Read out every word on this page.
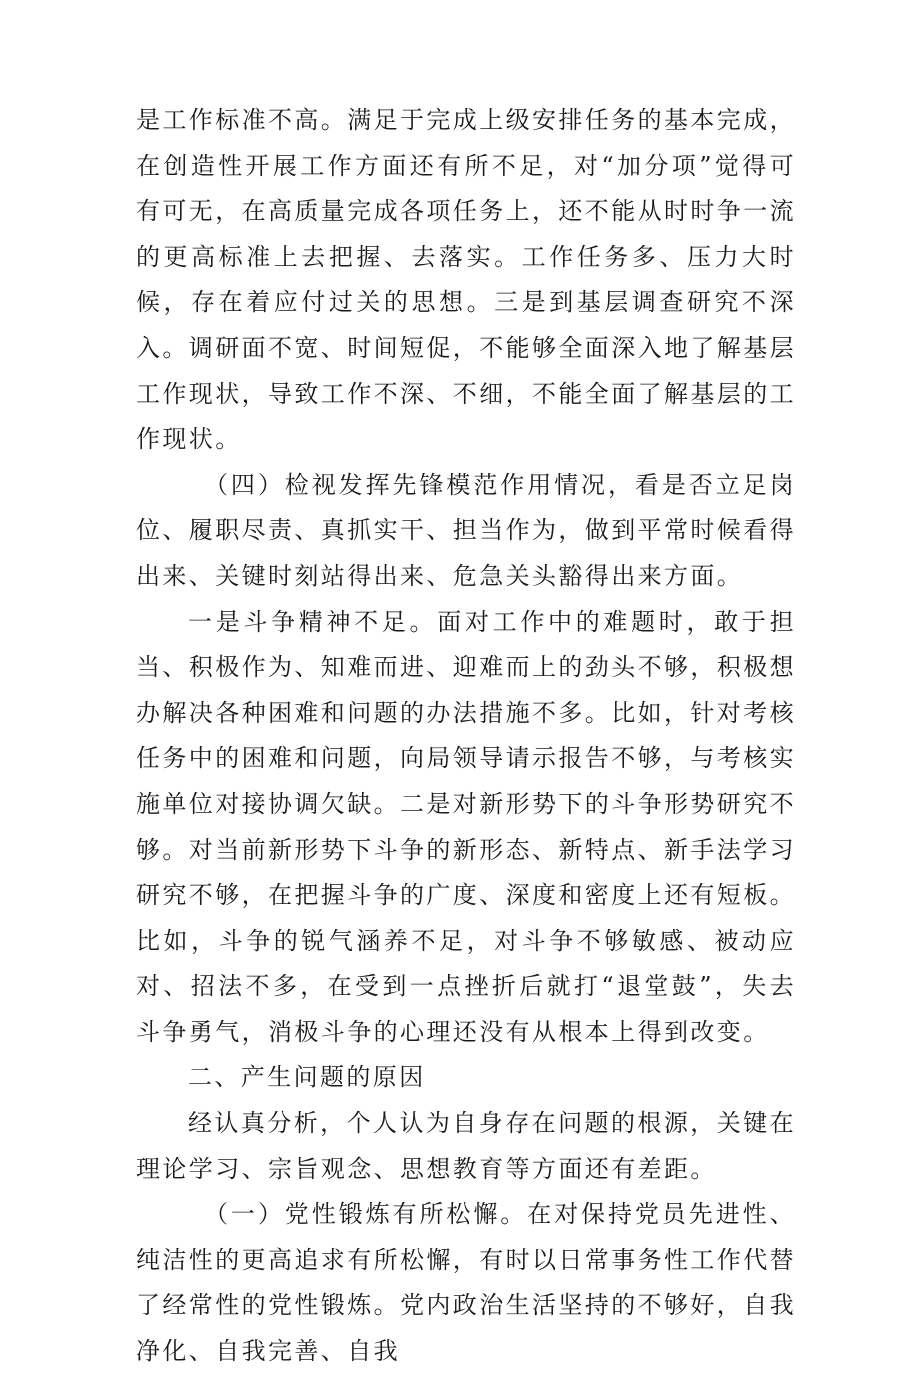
是工作标准不高。满足于完成上级安排任务的基本完成，在创造性开展工作方面还有所不足，对“加分项”觉得可有可无，在高质量完成各项任务上，还不能从时时争一流的更高标准上去把握、去落实。工作任务多、压力大时候，存在着应付过关的思想。三是到基层调查研究不深入。调研面不宽、时间短促，不能够全面深入地了解基层工作现状，导致工作不深、不细，不能全面了解基层的工作现状。

（四）检视发挥先锋模范作用情况，看是否立足岗位、履职尽责、真抓实干、担当作为，做到平常时候看得出来、关键时刻站得出来、危急关头豁得出来方面。

一是斗争精神不足。面对工作中的难题时，敢于担当、积极作为、知难而进、迎难而上的劲头不够，积极想办解决各种困难和问题的办法措施不多。比如，针对考核任务中的困难和问题，向局领导请示报告不够，与考核实施单位对接协调欠缺。二是对新形势下的斗争形势研究不够。对当前新形势下斗争的新形态、新特点、新手法学习研究不够，在把握斗争的广度、深度和密度上还有短板。比如，斗争的锐气涵养不足，对斗争不够敏感、被动应对、招法不多，在受到一点挫折后就打“退堂鼓”，失去斗争勇气，消极斗争的心理还没有从根本上得到改变。

二、产生问题的原因

经认真分析，个人认为自身存在问题的根源，关键在理论学习、宗旨观念、思想教育等方面还有差距。

（一）党性锻炼有所松懈。在对保持党员先进性、纯洁性的更高追求有所松懈，有时以日常事务性工作代替了经常性的党性锻炼。党内政治生活坚持的不够好，自我净化、自我完善、自我
